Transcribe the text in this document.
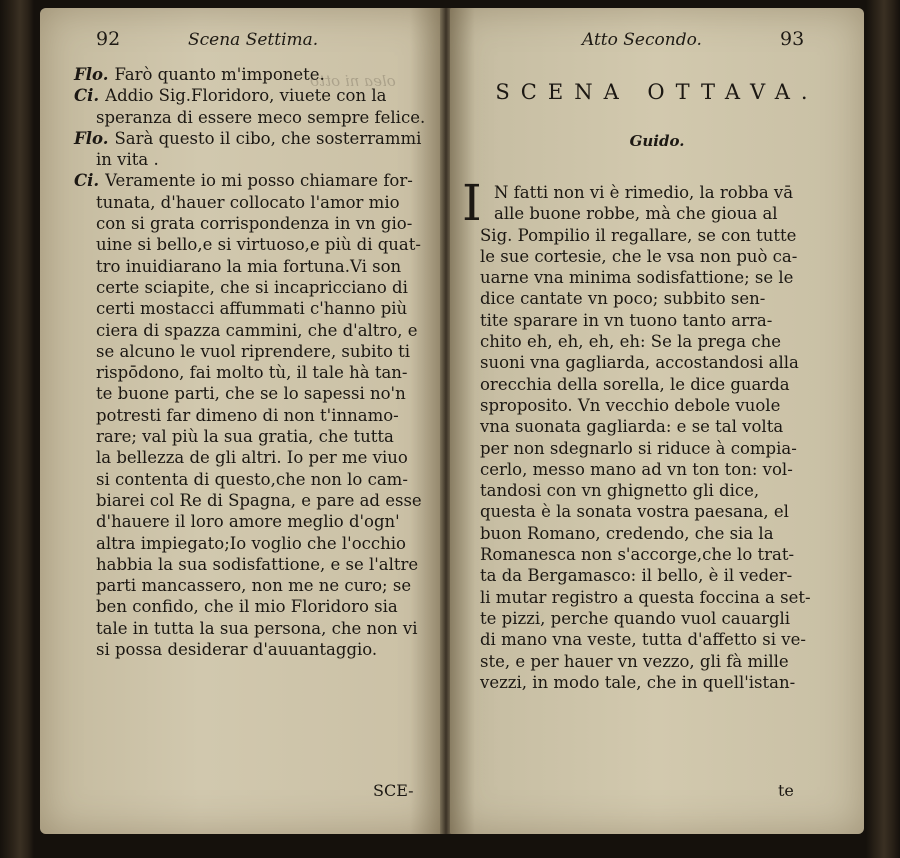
92	Scena Settima.
olea ni otto
Flo. Farò quanto m'imponete.
Ci. Addio Sig.Floridoro, viuete con la
speranza di essere meco sempre felice.
Flo. Sarà questo il cibo, che sosterrammi
in vita .
Ci. Veramente io mi posso chiamare for-
tunata, d'hauer collocato l'amor mio
con si grata corrispondenza in vn gio-
uine si bello,e si virtuoso,e più di quat-
tro inuidiarano la mia fortuna.Vi son
certe sciapite, che si incapricciano di
certi mostacci affummati c'hanno più
ciera di spazza cammini, che d'altro, e
se alcuno le vuol riprendere, subito ti
rispōdono, fai molto tù, il tale hà tan-
te buone parti, che se lo sapessi no'n
potresti far dimeno di non t'innamo-
rare; val più la sua gratia, che tutta
la bellezza de gli altri. Io per me viuo
si contenta di questo,che non lo cam-
biarei col Re di Spagna, e pare ad esse
d'hauere il loro amore meglio d'ogn'
altra impiegato;Io voglio che l'occhio
habbia la sua sodisfattione, e se l'altre
parti mancassero, non me ne curo; se
ben confido, che il mio Floridoro sia
tale in tutta la sua persona, che non vi
si possa desiderar d'auuantaggio.
SCE-
Atto Secondo.	93
SCENA OTTAVA.
Guido.
I N fatti non vi è rimedio, la robba vā
alle buone robbe, mà che gioua al
Sig. Pompilio il regallare, se con tutte
le sue cortesie, che le vsa non può ca-
uarne vna minima sodisfattione; se le
dice cantate vn poco; subbito sen-
tite sparare in vn tuono tanto arra-
chito eh, eh, eh, eh: Se la prega che
suoni vna gagliarda, accostandosi alla
orecchia della sorella, le dice guarda
sproposito. Vn vecchio debole vuole
vna suonata gagliarda: e se tal volta
per non sdegnarlo si riduce à compia-
cerlo, messo mano ad vn ton ton: vol-
tandosi con vn ghignetto gli dice,
questa è la sonata vostra paesana, el
buon Romano, credendo, che sia la
Romanesca non s'accorge,che lo trat-
ta da Bergamasco: il bello, è il veder-
li mutar registro a questa foccina a set-
te pizzi, perche quando vuol cauargli
di mano vna veste, tutta d'affetto si ve-
ste, e per hauer vn vezzo, gli fà mille
vezzi, in modo tale, che in quell'istan-
te
